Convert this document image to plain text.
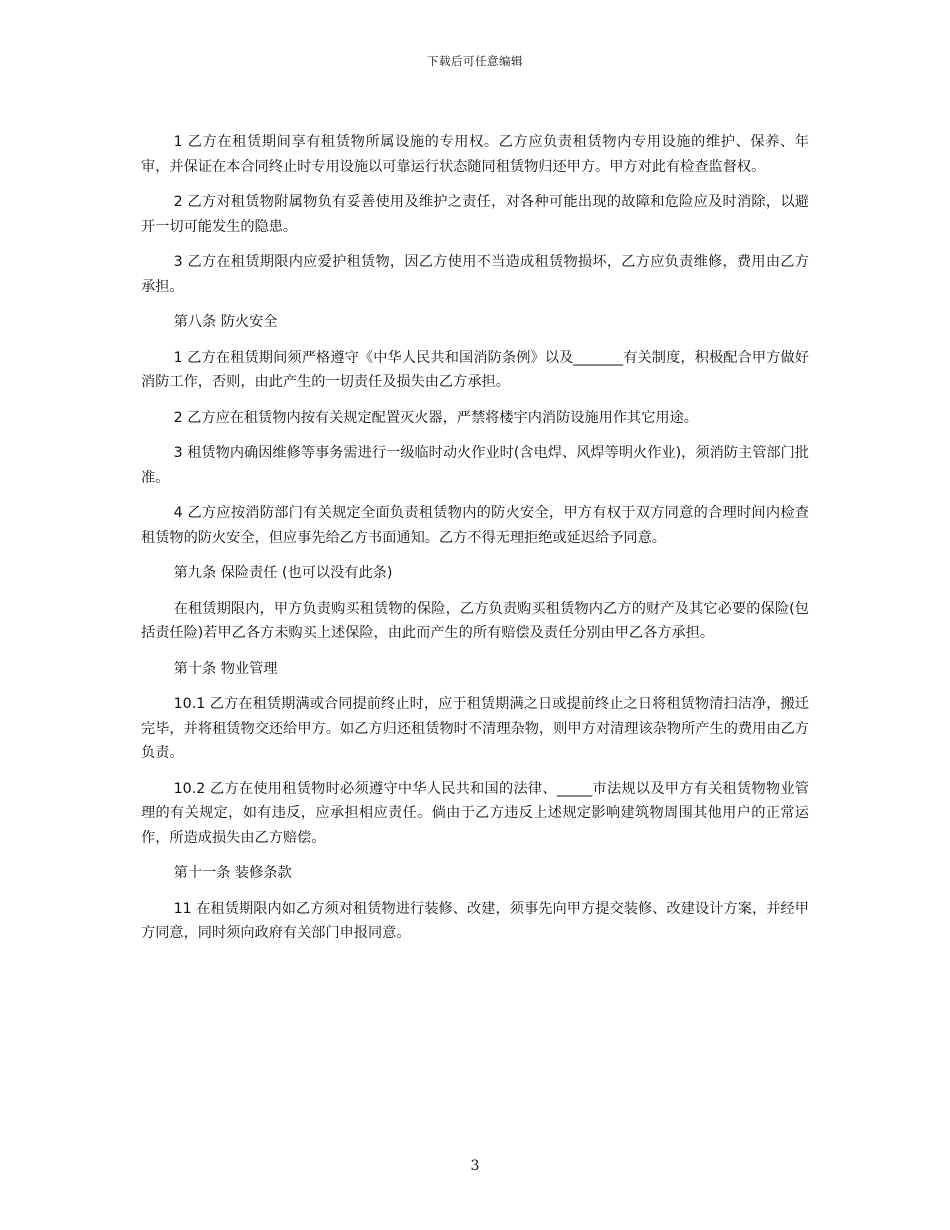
下载后可任意编辑

1 乙方在租赁期间享有租赁物所属设施的专用权。乙方应负责租赁物内专用设施的维护、保养、年审，并保证在本合同终止时专用设施以可靠运行状态随同租赁物归还甲方。甲方对此有检查监督权。

2 乙方对租赁物附属物负有妥善使用及维护之责任，对各种可能出现的故障和危险应及时消除，以避开一切可能发生的隐患。

3 乙方在租赁期限内应爱护租赁物，因乙方使用不当造成租赁物损坏，乙方应负责维修，费用由乙方承担。

第八条 防火安全

1 乙方在租赁期间须严格遵守《中华人民共和国消防条例》以及_______有关制度，积极配合甲方做好消防工作，否则，由此产生的一切责任及损失由乙方承担。

2 乙方应在租赁物内按有关规定配置灭火器，严禁将楼宇内消防设施用作其它用途。

3 租赁物内确因维修等事务需进行一级临时动火作业时(含电焊、风焊等明火作业)，须消防主管部门批准。

4 乙方应按消防部门有关规定全面负责租赁物内的防火安全，甲方有权于双方同意的合理时间内检查租赁物的防火安全，但应事先给乙方书面通知。乙方不得无理拒绝或延迟给予同意。

第九条 保险责任 (也可以没有此条)

在租赁期限内，甲方负责购买租赁物的保险，乙方负责购买租赁物内乙方的财产及其它必要的保险(包括责任险)若甲乙各方未购买上述保险，由此而产生的所有赔偿及责任分别由甲乙各方承担。

第十条 物业管理

10.1 乙方在租赁期满或合同提前终止时，应于租赁期满之日或提前终止之日将租赁物清扫洁净，搬迁完毕，并将租赁物交还给甲方。如乙方归还租赁物时不清理杂物，则甲方对清理该杂物所产生的费用由乙方负责。

10.2 乙方在使用租赁物时必须遵守中华人民共和国的法律、_____市法规以及甲方有关租赁物物业管理的有关规定，如有违反，应承担相应责任。倘由于乙方违反上述规定影响建筑物周围其他用户的正常运作，所造成损失由乙方赔偿。

第十一条 装修条款

11 在租赁期限内如乙方须对租赁物进行装修、改建，须事先向甲方提交装修、改建设计方案，并经甲方同意，同时须向政府有关部门申报同意。

3
